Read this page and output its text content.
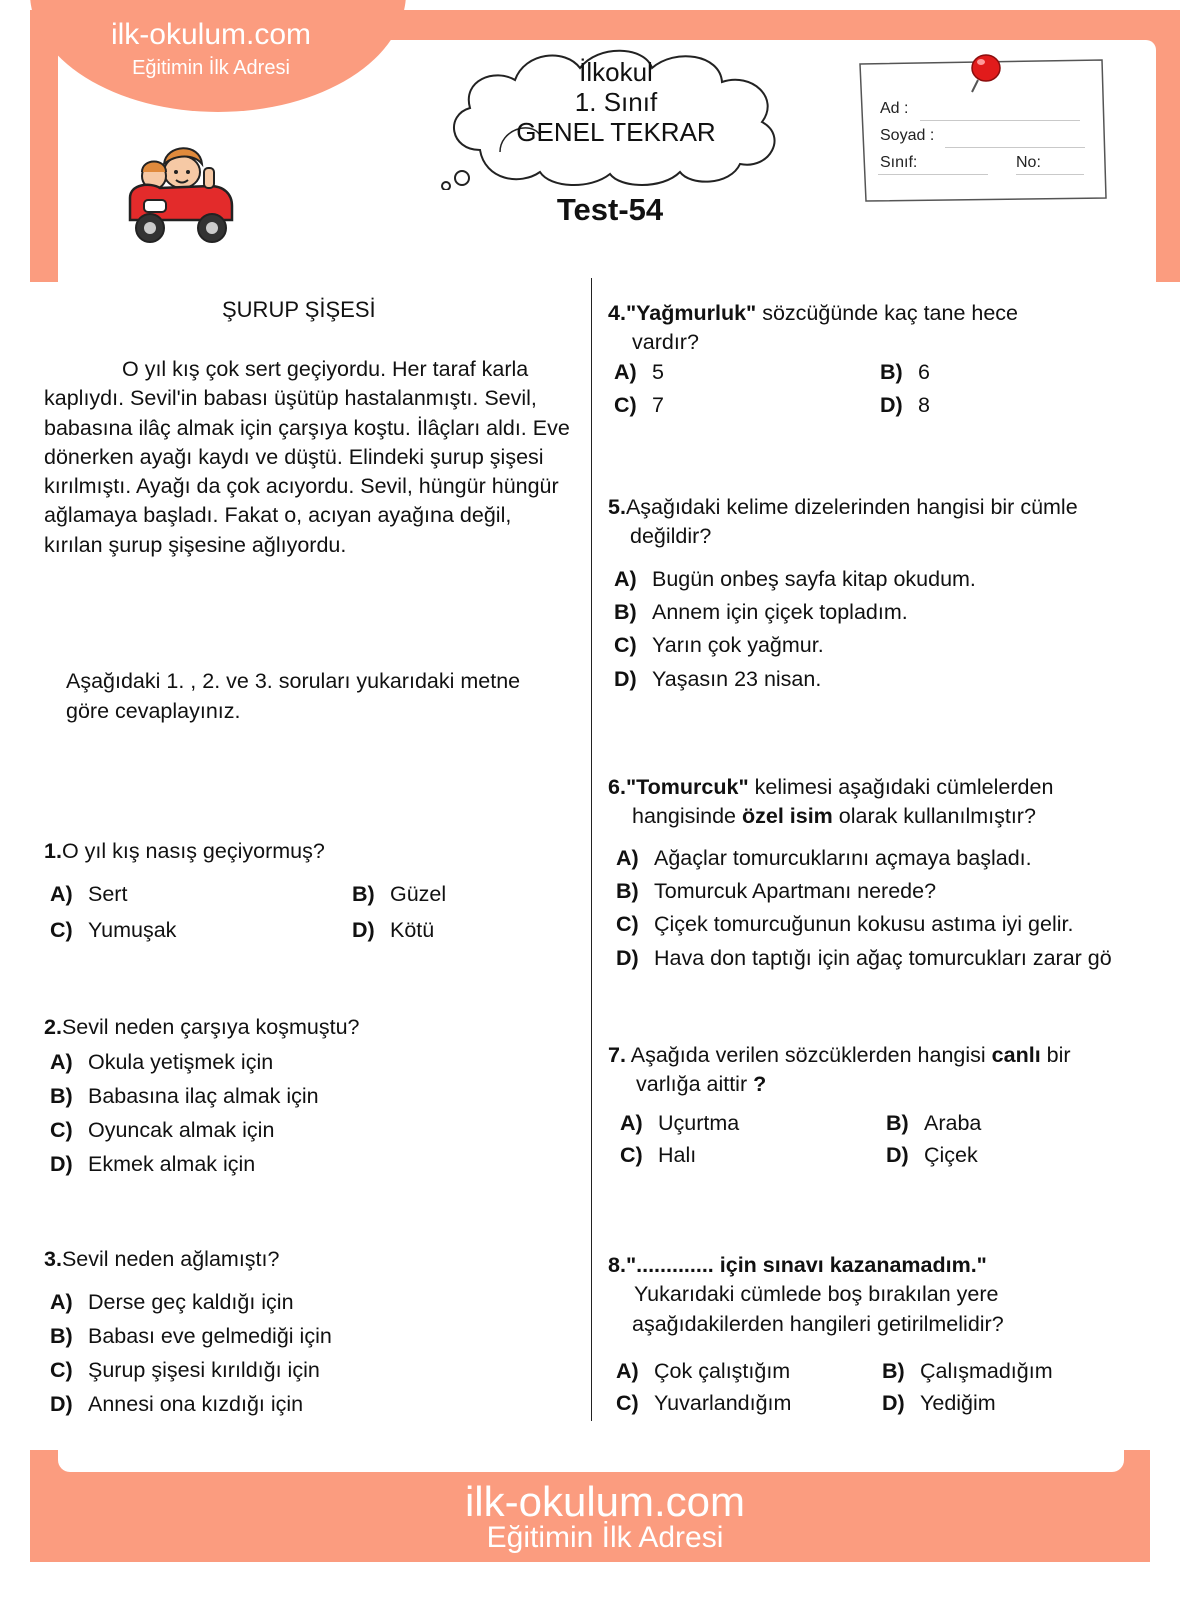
ilk-okulum.com
Eğitimin İlk Adresi	İlkokul
1. Sınıf
GENEL TEKRAR
Test-54
Ad :
Soyad :
Sınıf:	No:
ŞURUP ŞİŞESİ
O yıl kış çok sert geçiyordu. Her taraf karla kaplıydı. Sevil'in babası üşütüp hastalanmıştı. Sevil, babasına ilâç almak için çarşıya koştu. İlâçları aldı. Eve dönerken ayağı kaydı ve düştü. Elindeki şurup şişesi kırılmıştı. Ayağı da çok acıyordu. Sevil, hüngür hüngür ağlamaya başladı. Fakat o, acıyan ayağına değil, kırılan şurup şişesine ağlıyordu.
Aşağıdaki 1. , 2. ve 3. soruları yukarıdaki metne göre cevaplayınız.
1.O yıl kış nasış geçiyormuş?
A) Sert	B) Güzel
C) Yumuşak	D) Kötü
2.Sevil neden çarşıya koşmuştu?
A) Okula yetişmek için
B) Babasına ilaç almak için
C) Oyuncak almak için
D) Ekmek almak için
3.Sevil neden ağlamıştı?
A) Derse geç kaldığı için
B) Babası eve gelmediği için
C) Şurup şişesi kırıldığı için
D) Annesi ona kızdığı için
4."Yağmurluk" sözcüğünde kaç tane hece
vardır?
A) 5	B) 6
C) 7	D) 8
5.Aşağıdaki kelime dizelerinden hangisi bir cümle
değildir?
A) Bugün onbeş sayfa kitap okudum.
B) Annem için çiçek topladım.
C) Yarın çok yağmur.
D) Yaşasın 23 nisan.
6."Tomurcuk" kelimesi aşağıdaki cümlelerden
hangisinde özel isim olarak kullanılmıştır?
A) Ağaçlar tomurcuklarını açmaya başladı.
B) Tomurcuk Apartmanı nerede?
C) Çiçek tomurcuğunun kokusu astıma iyi gelir.
D) Hava don taptığı için ağaç tomurcukları zarar gö
7. Aşağıda verilen sözcüklerden hangisi canlı bir
varlığa aittir ?
A) Uçurtma	B) Araba
C) Halı	D) Çiçek
8."............. için sınavı kazanamadım."
Yukarıdaki cümlede boş bırakılan yere
aşağıdakilerden hangileri getirilmelidir?
A) Çok çalıştığım	B) Çalışmadığım
C) Yuvarlandığım	D) Yediğim
ilk-okulum.com
Eğitimin İlk Adresi
